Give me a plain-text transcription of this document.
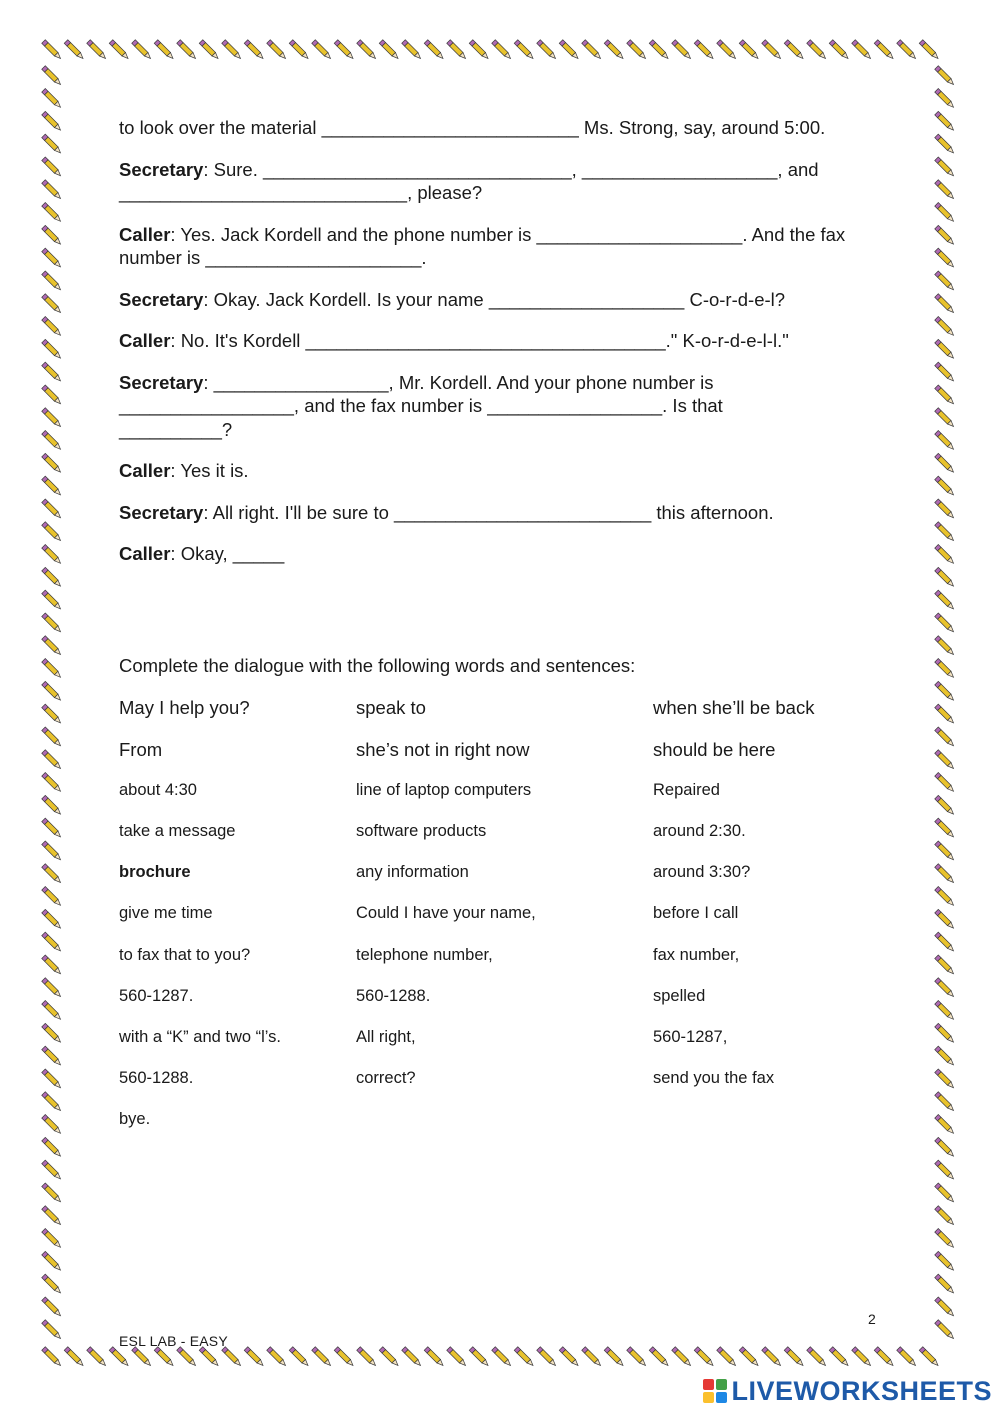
to look over the material _________________________ Ms. Strong, say, around 5:00.

Secretary: Sure. ______________________________, ___________________, and ____________________________, please?

Caller: Yes. Jack Kordell and the phone number is ____________________. And the fax number is _____________________.

Secretary: Okay. Jack Kordell. Is your name ___________________ C-o-r-d-e-l?

Caller: No. It's Kordell ___________________________________." K-o-r-d-e-l-l."

Secretary: _________________, Mr. Kordell. And your phone number is _________________, and the fax number is _________________. Is that __________?

Caller: Yes it is.

Secretary: All right. I'll be sure to _________________________ this afternoon.

Caller: Okay, _____

Complete the dialogue with the following words and sentences:

May I help you?	speak to	when she’ll be back
From	she’s not in right now	should be here
about 4:30	line of laptop computers	Repaired
take a message	software products	around 2:30.
brochure	any information	around 3:30?
give me time	Could I have your name,	before I call
to fax that to you?	telephone number,	fax number,
560-1287.	560-1288.	spelled
with a “K” and two “l’s.	All right,	560-1287,
560-1288.	correct?	send you the fax
bye.
2
ESL LAB - EASY
LIVEWORKSHEETS
